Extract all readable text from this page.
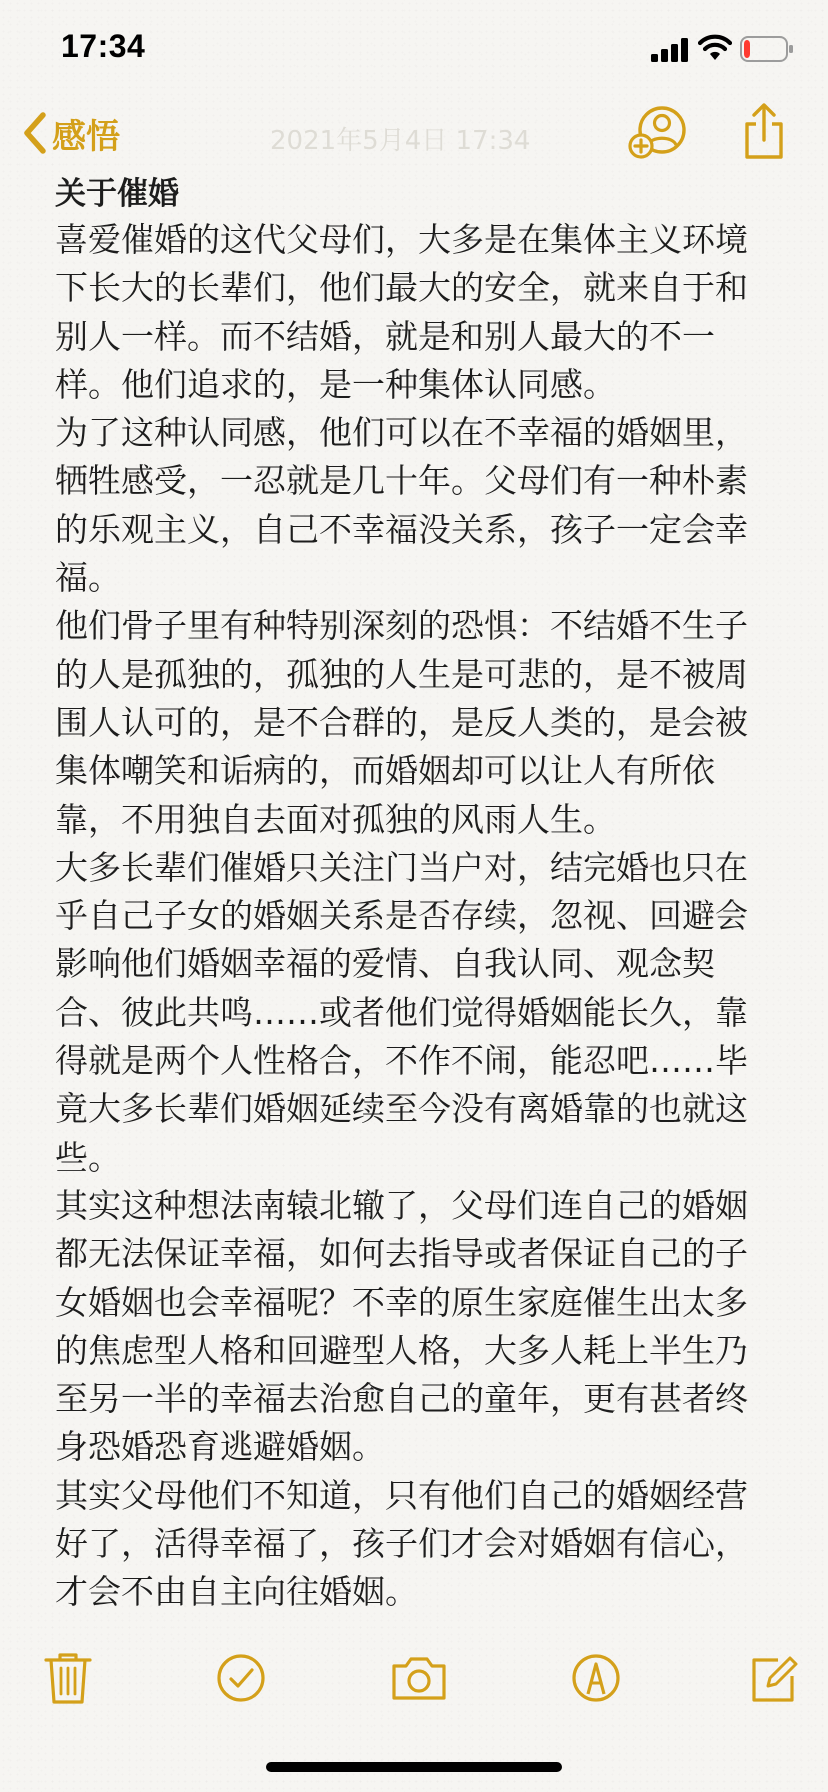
17:34
感悟	2021年5月4日 17:34

关于催婚

喜爱催婚的这代父母们，大多是在集体主义环境下长大的长辈们，他们最大的安全，就来自于和别人一样。而不结婚，就是和别人最大的不一样。他们追求的，是一种集体认同感。

为了这种认同感，他们可以在不幸福的婚姻里，牺牲感受，一忍就是几十年。父母们有一种朴素的乐观主义，自己不幸福没关系，孩子一定会幸福。

他们骨子里有种特别深刻的恐惧：不结婚不生子的人是孤独的，孤独的人生是可悲的，是不被周围人认可的，是不合群的，是反人类的，是会被集体嘲笑和诟病的，而婚姻却可以让人有所依靠，不用独自去面对孤独的风雨人生。

大多长辈们催婚只关注门当户对，结完婚也只在乎自己子女的婚姻关系是否存续，忽视、回避会影响他们婚姻幸福的爱情、自我认同、观念契合、彼此共鸣……或者他们觉得婚姻能长久，靠得就是两个人性格合，不作不闹，能忍吧……毕竟大多长辈们婚姻延续至今没有离婚靠的也就这些。

其实这种想法南辕北辙了，父母们连自己的婚姻都无法保证幸福，如何去指导或者保证自己的子女婚姻也会幸福呢？不幸的原生家庭催生出太多的焦虑型人格和回避型人格，大多人耗上半生乃至另一半的幸福去治愈自己的童年，更有甚者终身恐婚恐育逃避婚姻。

其实父母他们不知道，只有他们自己的婚姻经营好了，活得幸福了，孩子们才会对婚姻有信心，才会不由自主向往婚姻。
